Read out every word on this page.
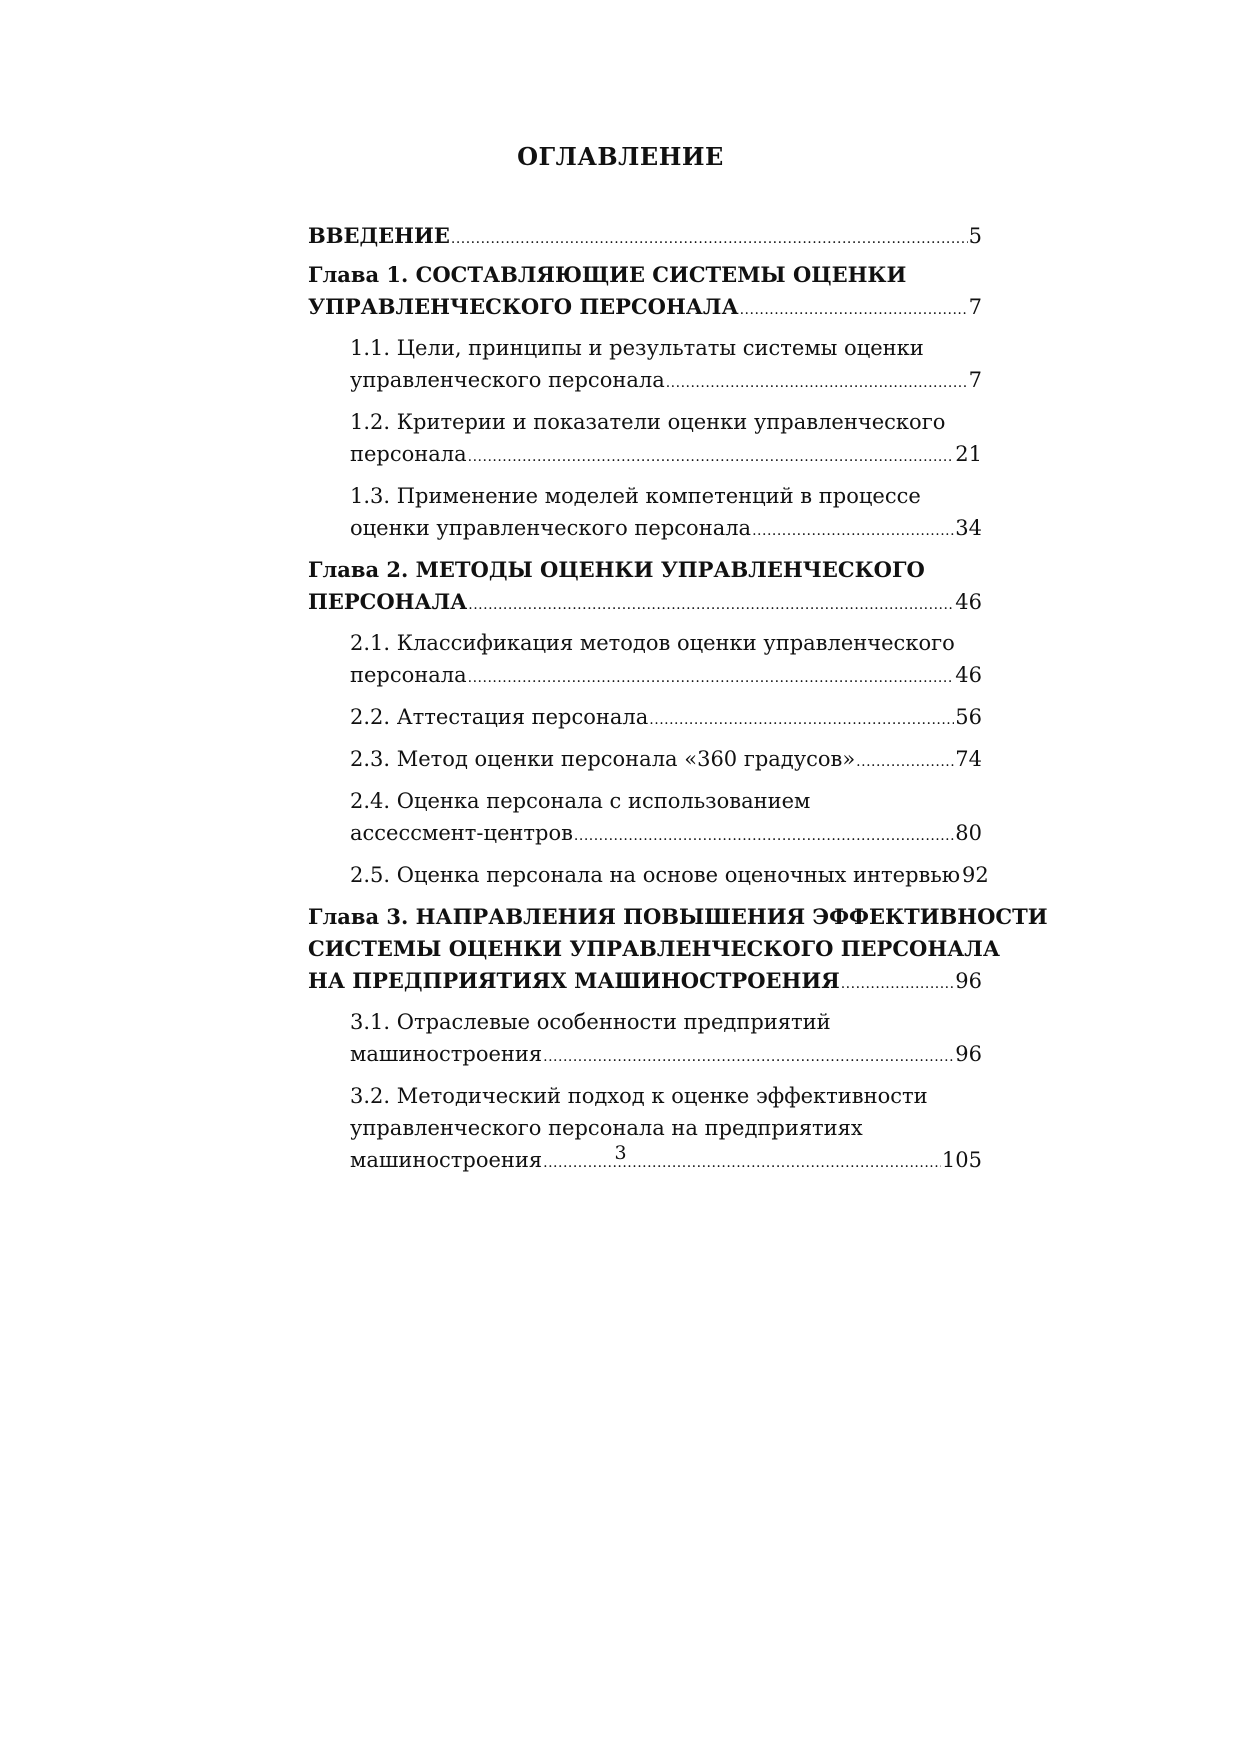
ОГЛАВЛЕНИЕ
ВВЕДЕНИЕ .....	5
Глава 1. СОСТАВЛЯЮЩИЕ СИСТЕМЫ ОЦЕНКИ
УПРАВЛЕНЧЕСКОГО ПЕРСОНАЛА .....	7
1.1. Цели, принципы и результаты системы оценки
управленческого персонала .....	7
1.2. Критерии и показатели оценки управленческого
персонала .....	21
1.3. Применение моделей компетенций в процессе
оценки управленческого персонала .....	34
Глава 2. МЕТОДЫ ОЦЕНКИ УПРАВЛЕНЧЕСКОГО
ПЕРСОНАЛА .....	46
2.1. Классификация методов оценки управленческого
персонала .....	46
2.2. Аттестация персонала .....	56
2.3. Метод оценки персонала «360 градусов» .....	74
2.4. Оценка персонала с использованием
ассессмент-центров .....	80
2.5. Оценка персонала на основе оценочных интервью 92
Глава 3. НАПРАВЛЕНИЯ ПОВЫШЕНИЯ ЭФФЕКТИВНОСТИ
СИСТЕМЫ ОЦЕНКИ УПРАВЛЕНЧЕСКОГО ПЕРСОНАЛА
НА ПРЕДПРИЯТИЯХ МАШИНОСТРОЕНИЯ .....	96
3.1. Отраслевые особенности предприятий
машиностроения .....	96
3.2. Методический подход к оценке эффективности
управленческого персонала на предприятиях
машиностроения .....	105
3
